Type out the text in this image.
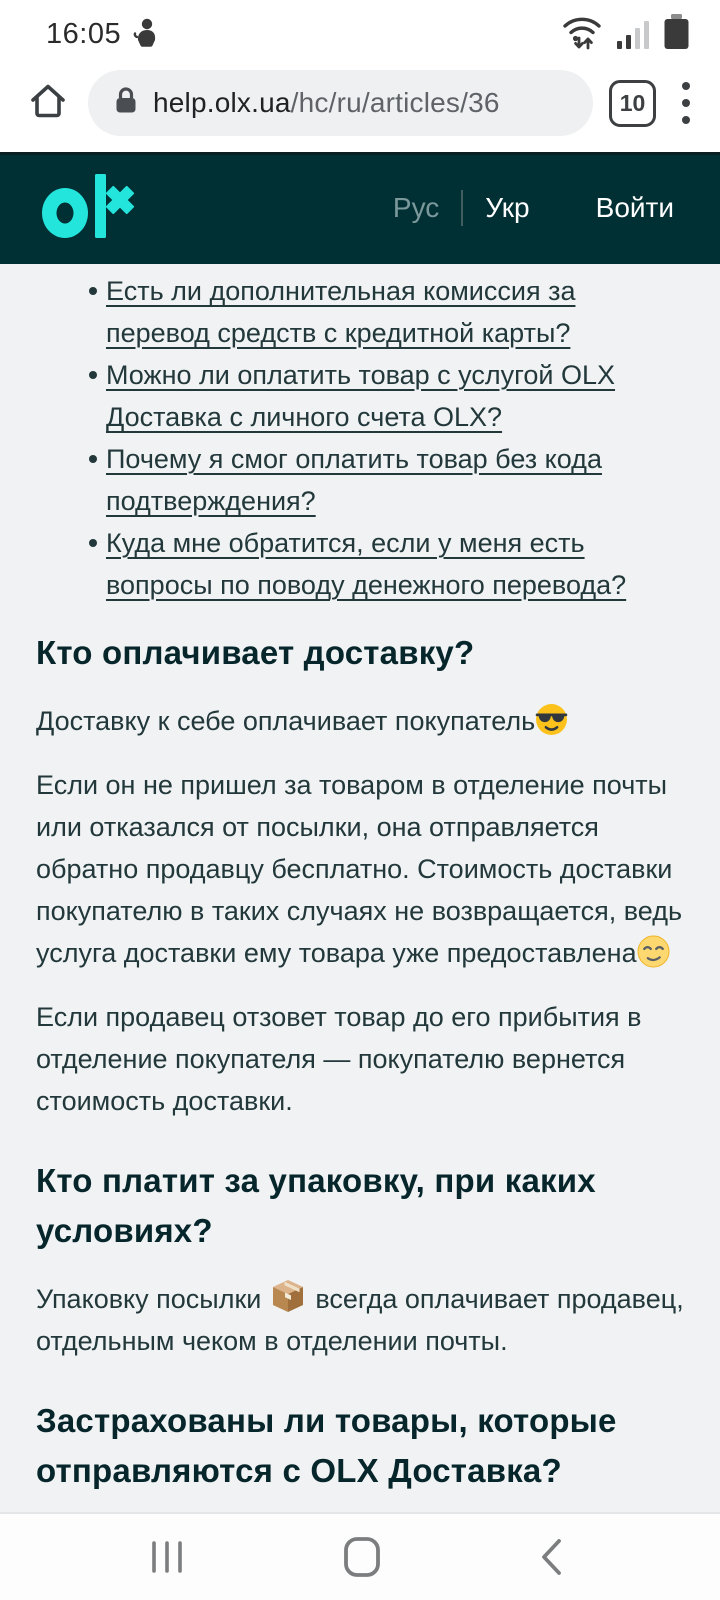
16:05
help.olx.ua/hc/ru/articles/36	10
Рус Укр Войти
Есть ли дополнительная комиссия за перевод средств с кредитной карты?
Можно ли оплатить товар с услугой OLX Доставка с личного счета OLX?
Почему я смог оплатить товар без кода подтверждения?
Куда мне обратится, если у меня есть вопросы по поводу денежного перевода?
Кто оплачивает доставку?

Доставку к себе оплачивает покупатель

Если он не пришел за товаром в отделение почты или отказался от посылки, она отправляется обратно продавцу бесплатно. Стоимость доставки покупателю в таких случаях не возвращается, ведь услуга доставки ему товара уже предоставлена

Если продавец отзовет товар до его прибытия в отделение покупателя — покупателю вернется стоимость доставки.

Кто платит за упаковку, при каких условиях?

Упаковку посылки всегда оплачивает продавец, отдельным чеком в отделении почты.

Застрахованы ли товары, которые отправляются с OLX Доставка?
